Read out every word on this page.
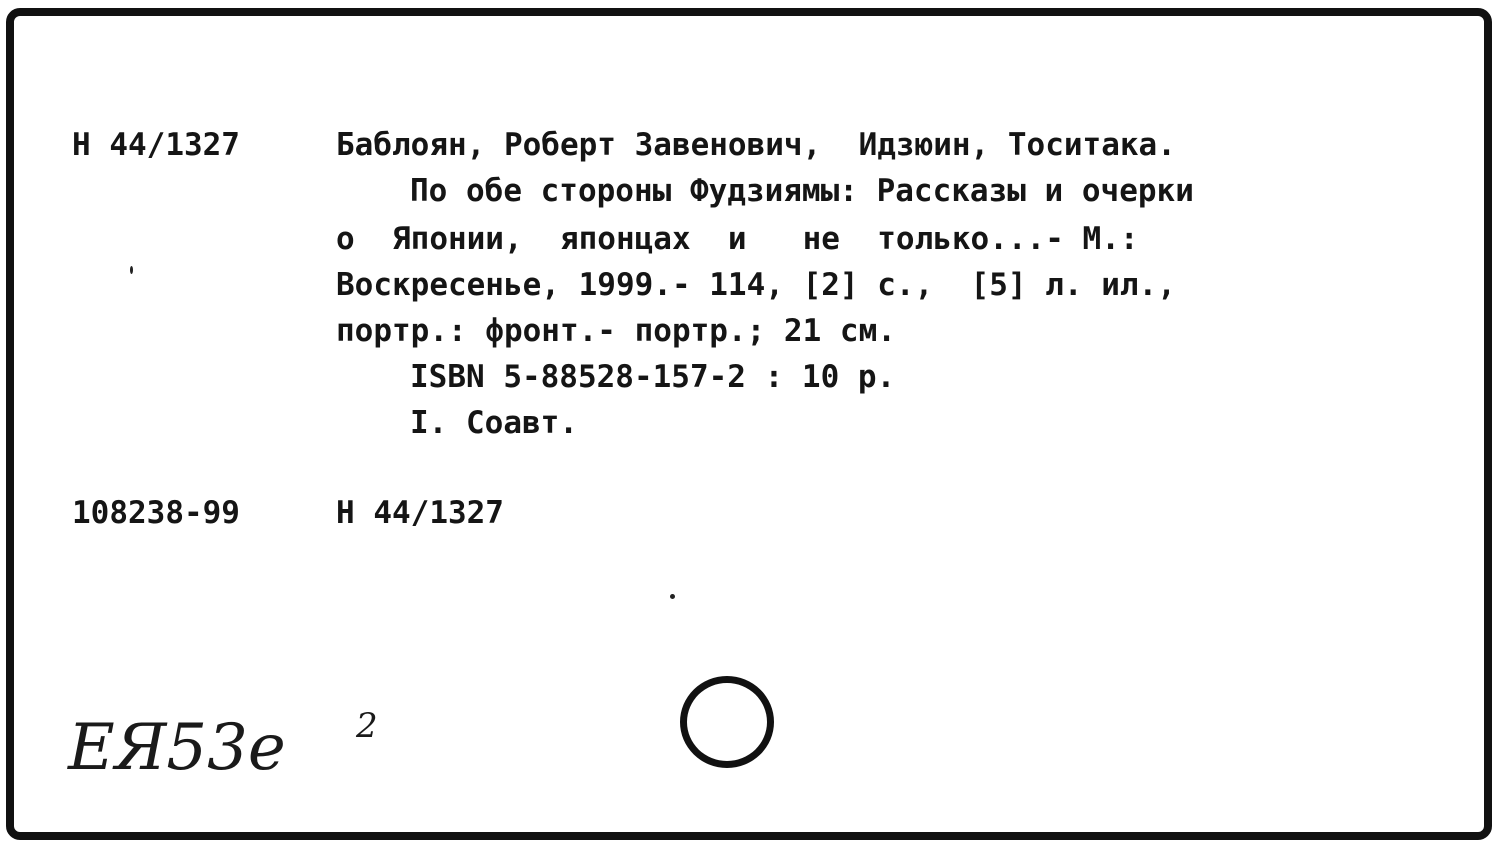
Н 44/1327	Баблоян, Роберт Завенович,  Идзюин, Тоситака.
По обе стороны Фудзиямы: Рассказы и очерки
о  Японии,  японцах  и   не  только...- М.:
Воскресенье, 1999.- 114, [2] с.,  [5] л. ил.,
портр.: фронт.- портр.; 21 см.
ISBN 5-88528-157-2 : 10 р.
I. Соавт.
108238-99	Н 44/1327
ЕЯ53е 2
